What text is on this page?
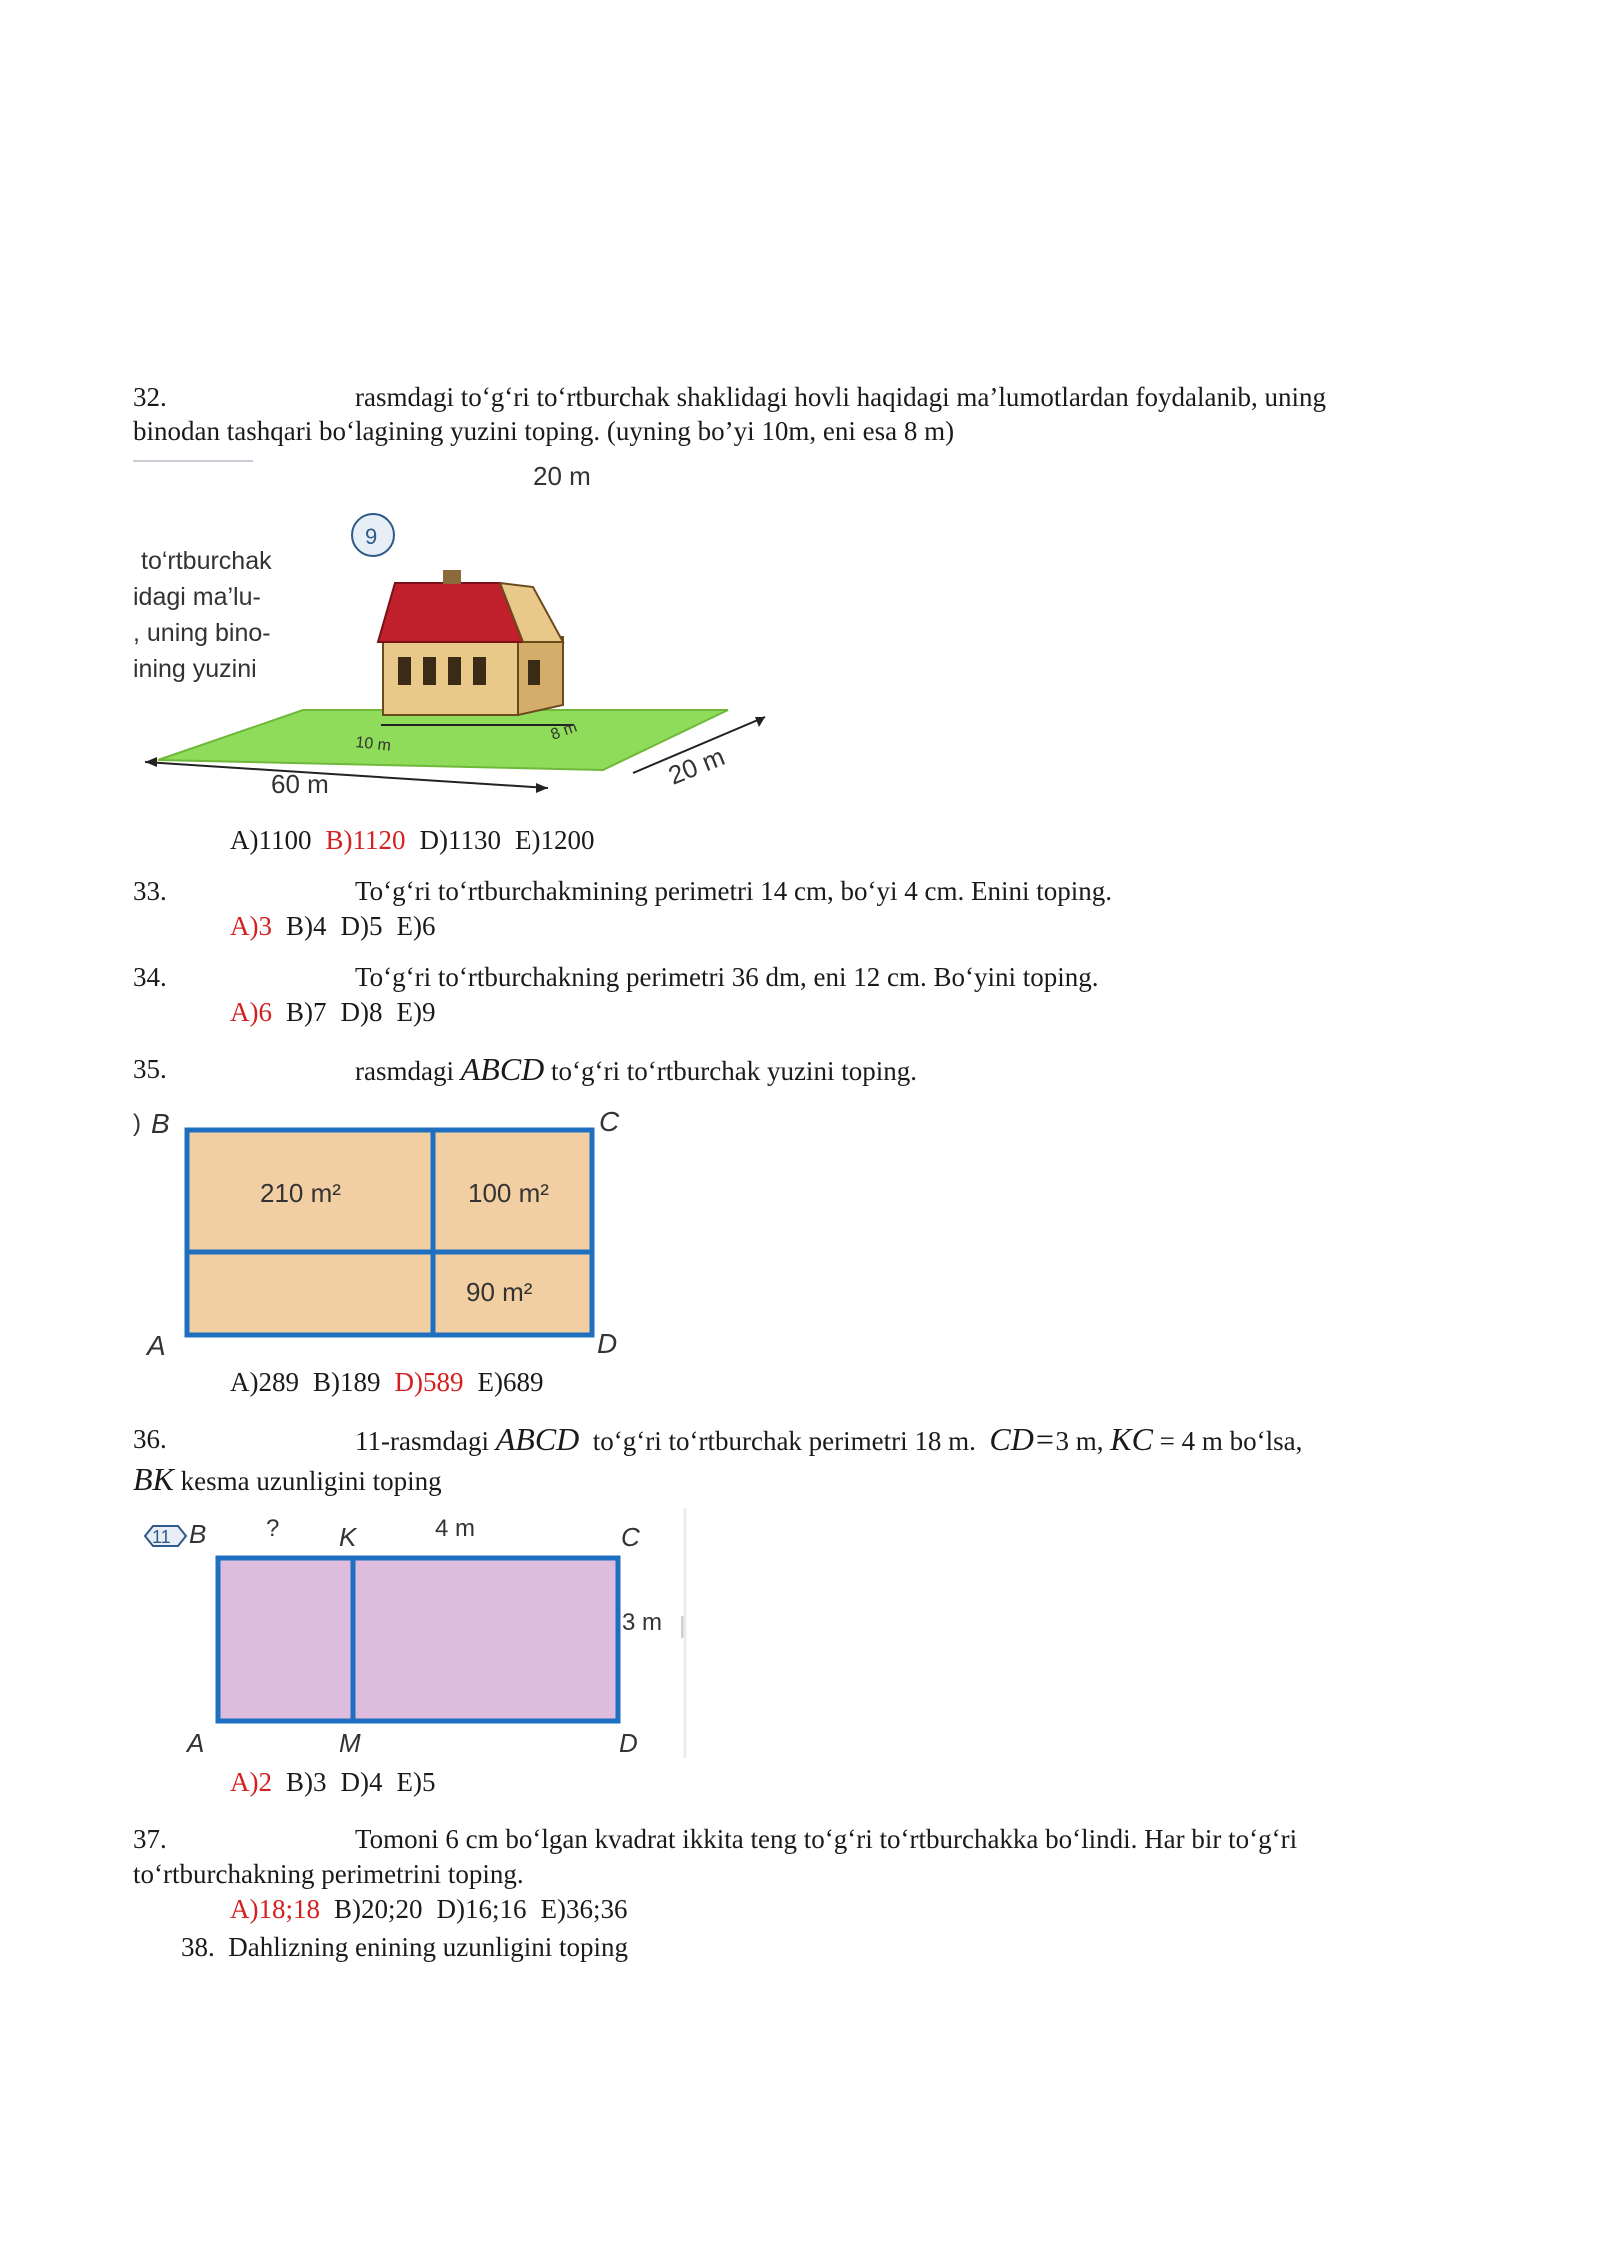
32.	rasmdagi to‘g‘ri to‘rtburchak shaklidagi hovli haqidagi ma’lumotlardan foydalanib, uning
binodan tashqari bo‘lagining yuzini toping. (uyning bo’yi 10m, eni esa 8 m)
20 m
to‘rtburchak
idagi ma’lu-
, uning bino-
ining yuzini
9
10 m
8 m
60 m	20 m
A)1100 B)1120 D)1130 E)1200
33.	To‘g‘ri to‘rtburchakmining perimetri 14 cm, bo‘yi 4 cm. Enini toping.
A)3 B)4 D)5 E)6
34.	To‘g‘ri to‘rtburchakning perimetri 36 dm, eni 12 cm. Bo‘yini toping.
A)6 B)7 D)8 E)9
35.	rasmdagi ABCD to‘g‘ri to‘rtburchak yuzini toping.
) B	C
A	D
210 m²	100 m²
90 m²
A)289 B)189 D)589 E)689
36.	11-rasmdagi ABCD to‘g‘ri to‘rtburchak perimetri 18 m. CD=3 m, KC = 4 m bo‘lsa,
BK kesma uzunligini toping
11 B ? K	4 m	C
3 m
A	M	D
A)2 B)3 D)4 E)5
37.	Tomoni 6 cm bo‘lgan kvadrat ikkita teng to‘g‘ri to‘rtburchakka bo‘lindi. Har bir to‘g‘ri
to‘rtburchakning perimetrini toping.
A)18;18 B)20;20 D)16;16 E)36;36
38. Dahlizning enining uzunligini toping
